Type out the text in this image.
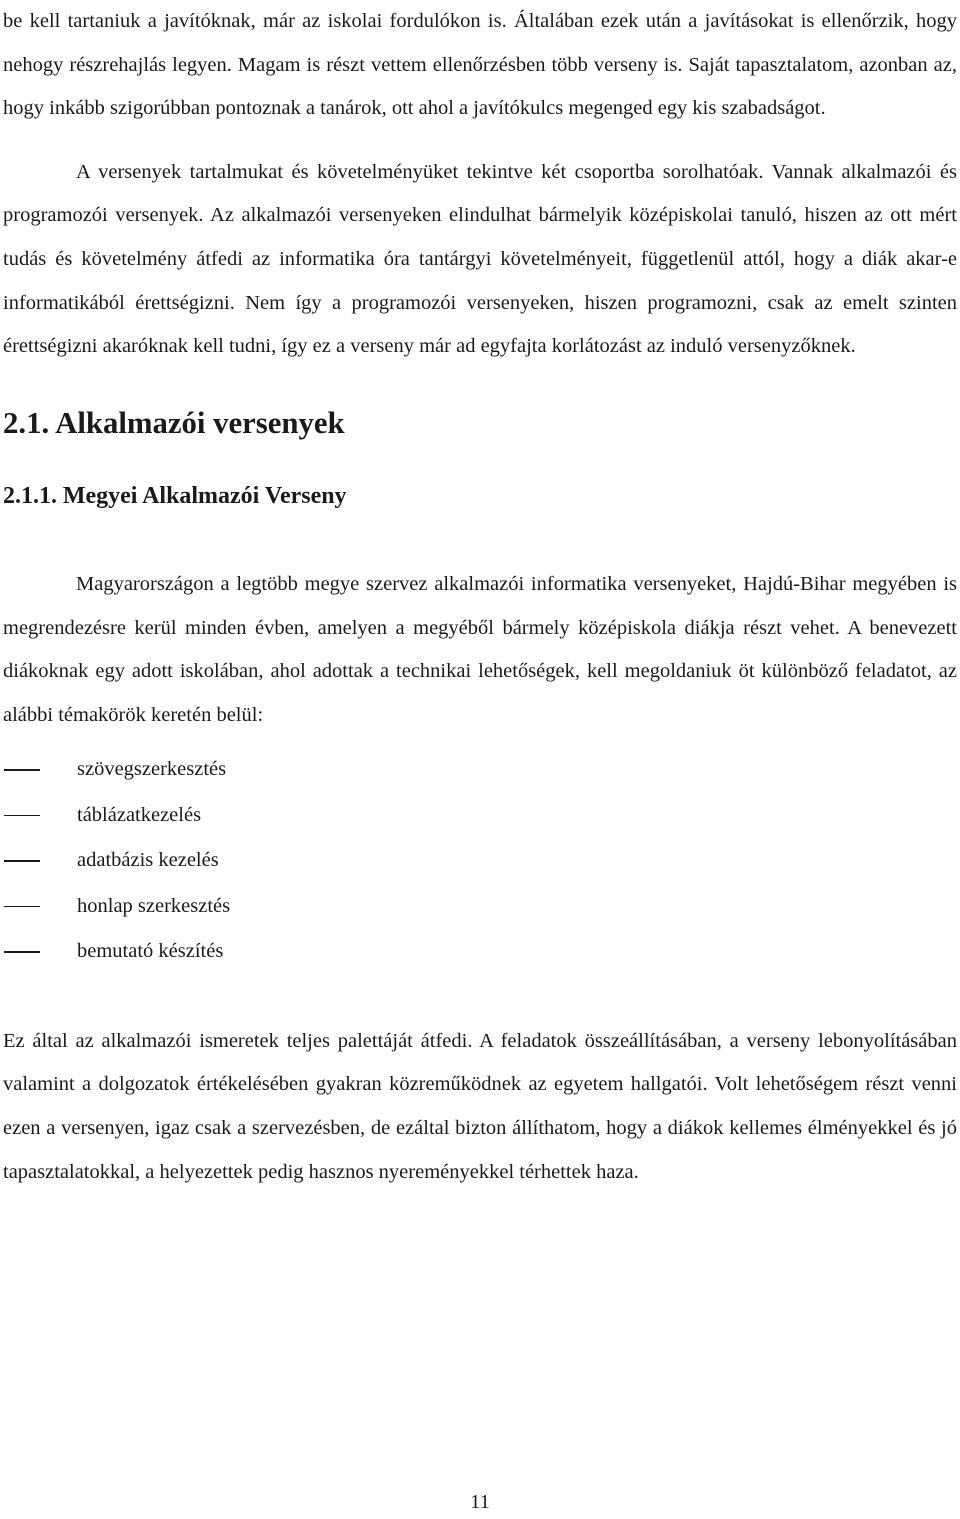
be kell tartaniuk a javítóknak, már az iskolai fordulókon is. Általában ezek után a javításokat is ellenőrzik, hogy nehogy részrehajlás legyen. Magam is részt vettem ellenőrzésben több verseny is. Saját tapasztalatom, azonban az, hogy inkább szigorúbban pontoznak a tanárok, ott ahol a javítókulcs megenged egy kis szabadságot.

A versenyek tartalmukat és követelményüket tekintve két csoportba sorolhatóak. Vannak alkalmazói és programozói versenyek. Az alkalmazói versenyeken elindulhat bármelyik középiskolai tanuló, hiszen az ott mért tudás és követelmény átfedi az informatika óra tantárgyi követelményeit, függetlenül attól, hogy a diák akar-e informatikából érettségizni. Nem így a programozói versenyeken, hiszen programozni, csak az emelt szinten érettségizni akaróknak kell tudni, így ez a verseny már ad egyfajta korlátozást az induló versenyzőknek.

2.1. Alkalmazói versenyek
2.1.1. Megyei Alkalmazói Verseny

Magyarországon a legtöbb megye szervez alkalmazói informatika versenyeket, Hajdú-Bihar megyében is megrendezésre kerül minden évben, amelyen a megyéből bármely középiskola diákja részt vehet. A benevezett diákoknak egy adott iskolában, ahol adottak a technikai lehetőségek, kell megoldaniuk öt különböző feladatot, az alábbi témakörök keretén belül:

szövegszerkesztés
táblázatkezelés
adatbázis kezelés
honlap szerkesztés
bemutató készítés

Ez által az alkalmazói ismeretek teljes palettáját átfedi. A feladatok összeállításában, a verseny lebonyolításában valamint a dolgozatok értékelésében gyakran közreműködnek az egyetem hallgatói. Volt lehetőségem részt venni ezen a versenyen, igaz csak a szervezésben, de ezáltal bizton állíthatom, hogy a diákok kellemes élményekkel és jó tapasztalatokkal, a helyezettek pedig hasznos nyereményekkel térhettek haza.

11
